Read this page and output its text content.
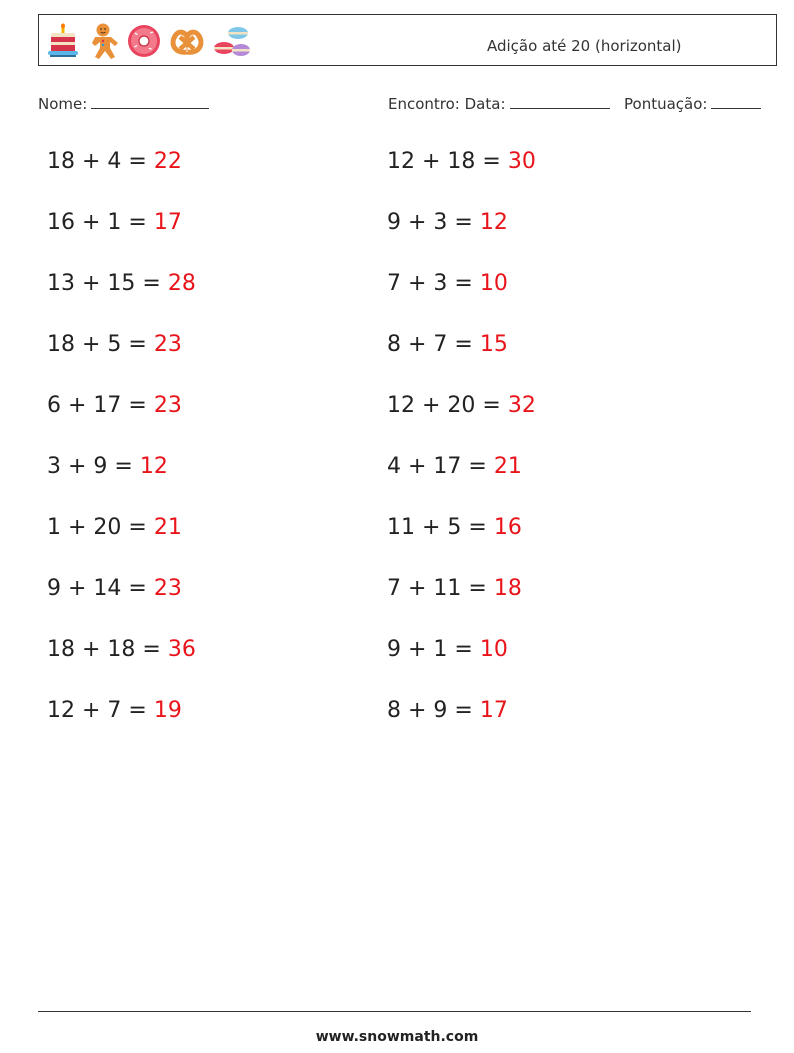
Adição até 20 (horizontal)
Nome:	Encontro: Data:	Pontuação:
18 + 4 = 22
16 + 1 = 17
13 + 15 = 28
18 + 5 = 23
6 + 17 = 23
3 + 9 = 12
1 + 20 = 21
9 + 14 = 23
18 + 18 = 36
12 + 7 = 19
12 + 18 = 30
9 + 3 = 12
7 + 3 = 10
8 + 7 = 15
12 + 20 = 32
4 + 17 = 21
11 + 5 = 16
7 + 11 = 18
9 + 1 = 10
8 + 9 = 17
www.snowmath.com
